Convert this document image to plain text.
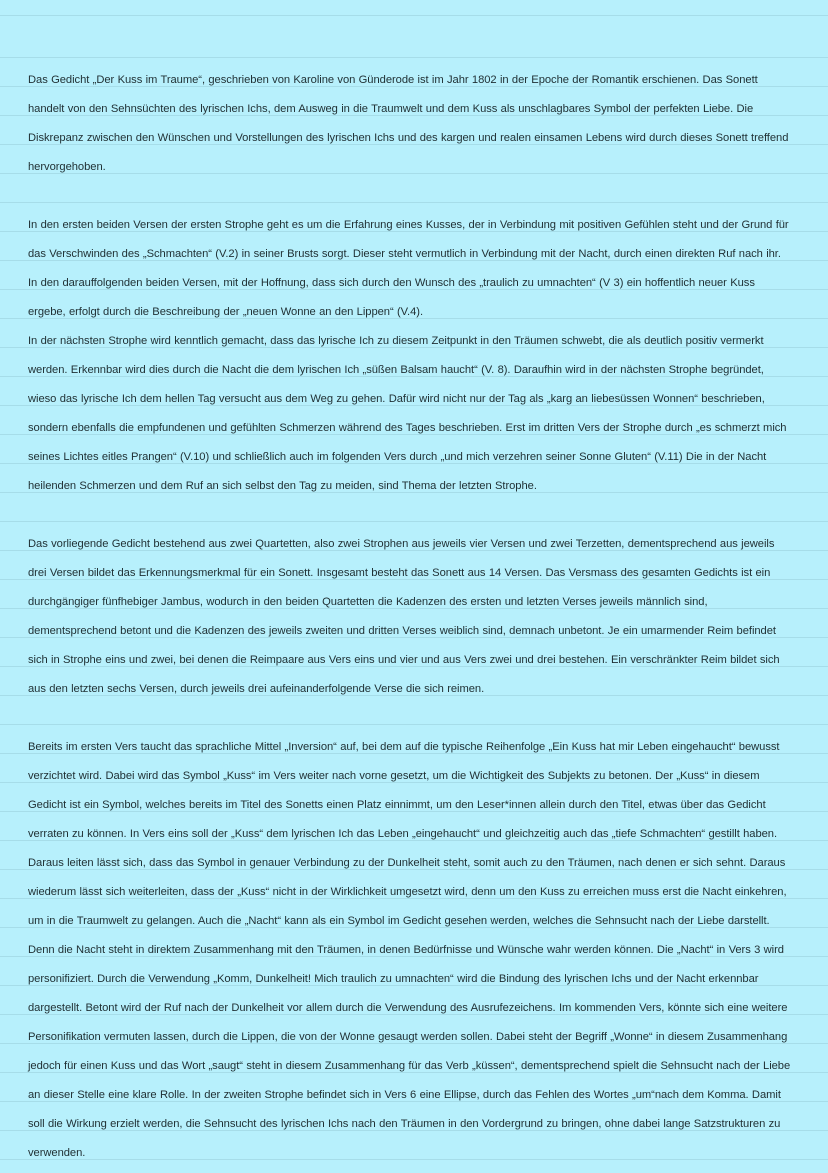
Das Gedicht „Der Kuss im Traume“, geschrieben von Karoline von Günderode ist im Jahr 1802 in der Epoche der Romantik erschienen. Das Sonett
handelt von den Sehnsüchten des lyrischen Ichs, dem Ausweg in die Traumwelt und dem Kuss als unschlagbares Symbol der perfekten Liebe. Die
Diskrepanz zwischen den Wünschen und Vorstellungen des lyrischen Ichs und des kargen und realen einsamen Lebens wird durch dieses Sonett treffend
hervorgehoben.

In den ersten beiden Versen der ersten Strophe geht es um die Erfahrung eines Kusses, der in Verbindung mit positiven Gefühlen steht und der Grund für
das Verschwinden des „Schmachten“ (V.2) in seiner Brusts sorgt. Dieser steht vermutlich in Verbindung mit der Nacht, durch einen direkten Ruf nach ihr.
In den darauffolgenden beiden Versen, mit der Hoffnung, dass sich durch den Wunsch des „traulich zu umnachten“ (V 3) ein hoffentlich neuer Kuss
ergebe, erfolgt durch die Beschreibung der „neuen Wonne an den Lippen“ (V.4).

In der nächsten Strophe wird kenntlich gemacht, dass das lyrische Ich zu diesem Zeitpunkt in den Träumen schwebt, die als deutlich positiv vermerkt
werden. Erkennbar wird dies durch die Nacht die dem lyrischen Ich „süßen Balsam haucht“ (V. 8). Daraufhin wird in der nächsten Strophe begründet,
wieso das lyrische Ich dem hellen Tag versucht aus dem Weg zu gehen. Dafür wird nicht nur der Tag als „karg an liebesüssen Wonnen“ beschrieben,
sondern ebenfalls die empfundenen und gefühlten Schmerzen während des Tages beschrieben. Erst im dritten Vers der Strophe durch „es schmerzt mich
seines Lichtes eitles Prangen“ (V.10) und schließlich auch im folgenden Vers durch „und mich verzehren seiner Sonne Gluten“ (V.11) Die in der Nacht
heilenden Schmerzen und dem Ruf an sich selbst den Tag zu meiden, sind Thema der letzten Strophe.

Das vorliegende Gedicht bestehend aus zwei Quartetten, also zwei Strophen aus jeweils vier Versen und zwei Terzetten, dementsprechend aus jeweils
drei Versen bildet das Erkennungsmerkmal für ein Sonett. Insgesamt besteht das Sonett aus 14 Versen. Das Versmass des gesamten Gedichts ist ein
durchgängiger fünfhebiger Jambus, wodurch in den beiden Quartetten die Kadenzen des ersten und letzten Verses jeweils männlich sind,
dementsprechend betont und die Kadenzen des jeweils zweiten und dritten Verses weiblich sind, demnach unbetont. Je ein umarmender Reim befindet
sich in Strophe eins und zwei, bei denen die Reimpaare aus Vers eins und vier und aus Vers zwei und drei bestehen. Ein verschränkter Reim bildet sich
aus den letzten sechs Versen, durch jeweils drei aufeinanderfolgende Verse die sich reimen.

Bereits im ersten Vers taucht das sprachliche Mittel „Inversion“ auf, bei dem auf die typische Reihenfolge „Ein Kuss hat mir Leben eingehaucht“ bewusst
verzichtet wird. Dabei wird das Symbol „Kuss“ im Vers weiter nach vorne gesetzt, um die Wichtigkeit des Subjekts zu betonen. Der „Kuss“ in diesem
Gedicht ist ein Symbol, welches bereits im Titel des Sonetts einen Platz einnimmt, um den Leser*innen allein durch den Titel, etwas über das Gedicht
verraten zu können. In Vers eins soll der „Kuss“ dem lyrischen Ich das Leben „eingehaucht“ und gleichzeitig auch das „tiefe Schmachten“ gestillt haben.
Daraus leiten lässt sich, dass das Symbol in genauer Verbindung zu der Dunkelheit steht, somit auch zu den Träumen, nach denen er sich sehnt. Daraus
wiederum lässt sich weiterleiten, dass der „Kuss“ nicht in der Wirklichkeit umgesetzt wird, denn um den Kuss zu erreichen muss erst die Nacht einkehren,
um in die Traumwelt zu gelangen. Auch die „Nacht“ kann als ein Symbol im Gedicht gesehen werden, welches die Sehnsucht nach der Liebe darstellt.
Denn die Nacht steht in direktem Zusammenhang mit den Träumen, in denen Bedürfnisse und Wünsche wahr werden können. Die „Nacht“ in Vers 3 wird
personifiziert. Durch die Verwendung „Komm, Dunkelheit! Mich traulich zu umnachten“ wird die Bindung des lyrischen Ichs und der Nacht erkennbar
dargestellt. Betont wird der Ruf nach der Dunkelheit vor allem durch die Verwendung des Ausrufezeichens. Im kommenden Vers, könnte sich eine weitere
Personifikation vermuten lassen, durch die Lippen, die von der Wonne gesaugt werden sollen. Dabei steht der Begriff „Wonne“ in diesem Zusammenhang
jedoch für einen Kuss und das Wort „saugt“ steht in diesem Zusammenhang für das Verb „küssen“, dementsprechend spielt die Sehnsucht nach der Liebe
an dieser Stelle eine klare Rolle. In der zweiten Strophe befindet sich in Vers 6 eine Ellipse, durch das Fehlen des Wortes „um“nach dem Komma. Damit
soll die Wirkung erzielt werden, die Sehnsucht des lyrischen Ichs nach den Träumen in den Vordergrund zu bringen, ohne dabei lange Satzstrukturen zu
verwenden.
